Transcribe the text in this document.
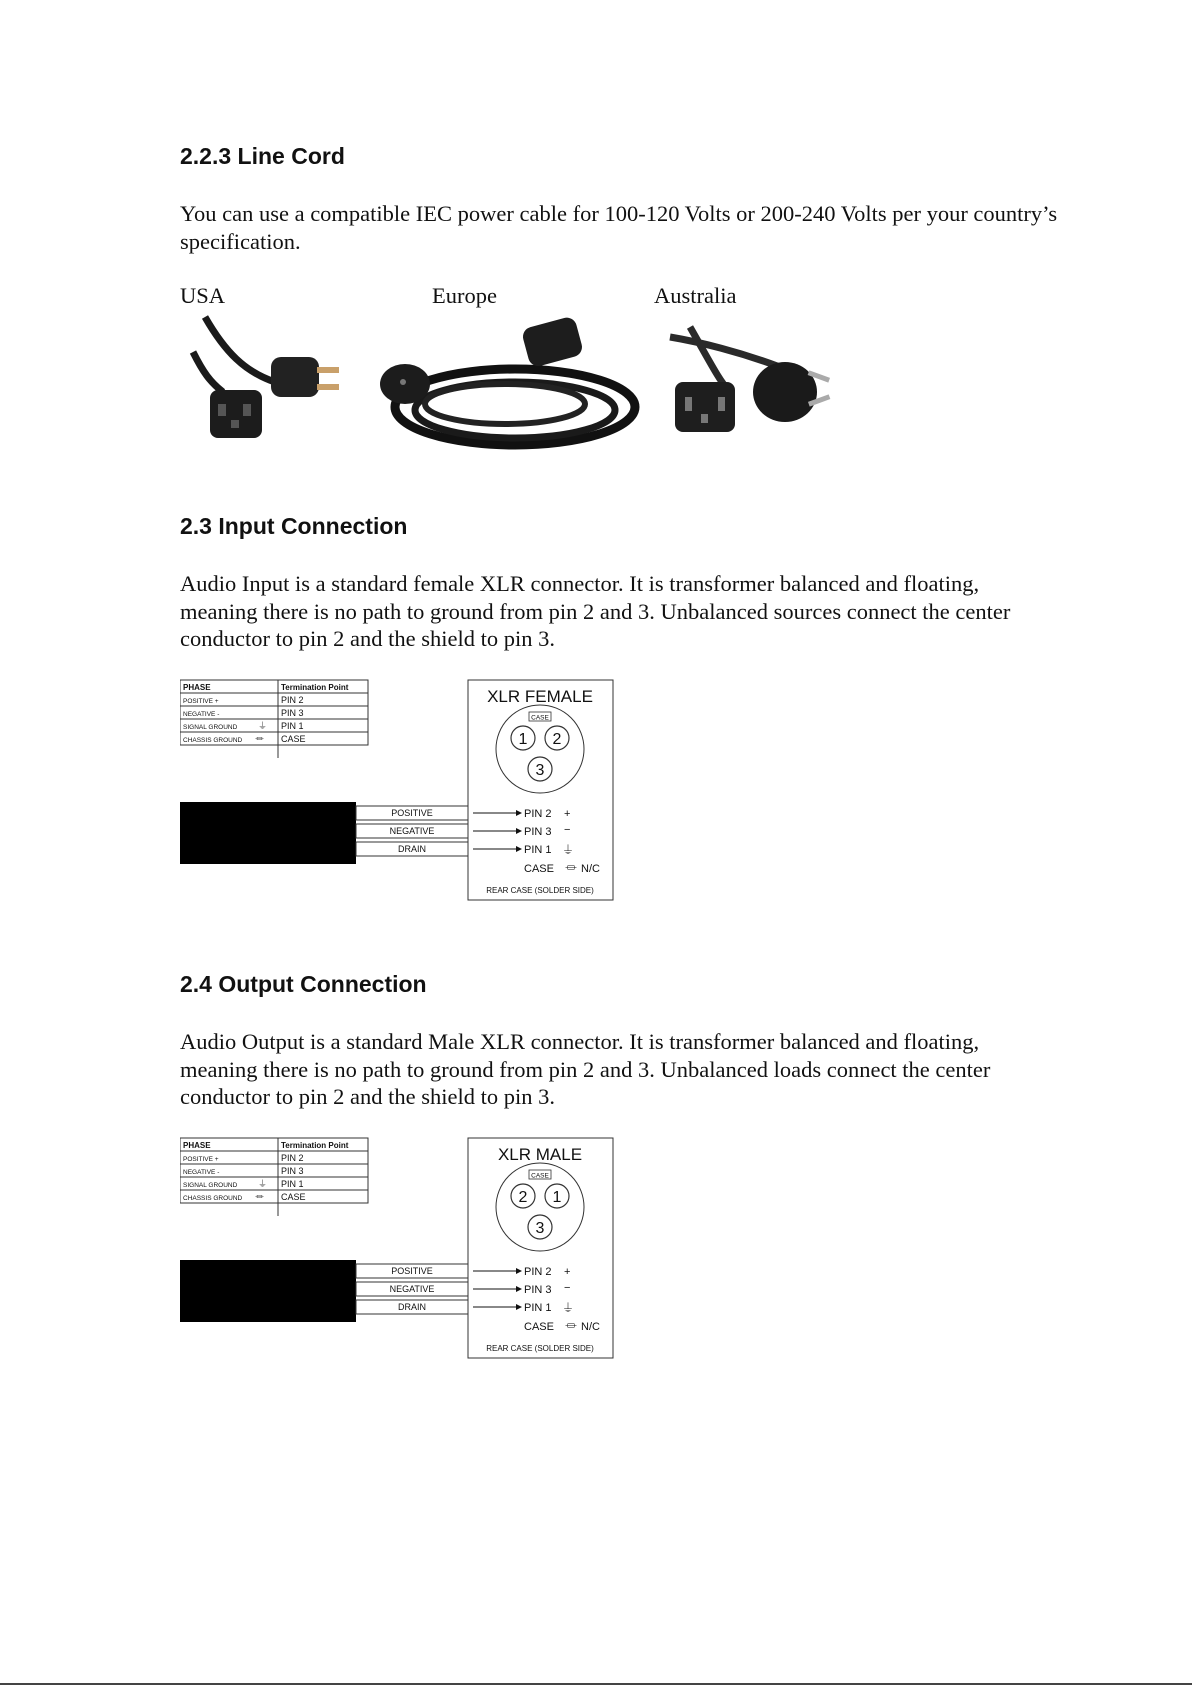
2.2.3 Line Cord

You can use a compatible IEC power cable for 100-120 Volts or 200-240 Volts per your country’s specification.

USA	Europe	Australia
2.3 Input Connection

Audio Input is a standard female XLR connector. It is transformer balanced and floating, meaning there is no path to ground from pin 2 and 3. Unbalanced sources connect the center conductor to pin 2 and the shield to pin 3.

PHASE	Termination Point
POSITIVE +	PIN 2
NEGATIVE -	PIN 3
SIGNAL GROUND ⏚ PIN 1
CHASSIS GROUND ⏛ CASE
POSITIVE
NEGATIVE
DRAIN
XLR FEMALE
CASE
1 2
3
PIN 2 +
PIN 3 −
PIN 1 ⏚
CASE ⏛ N/C
REAR CASE (SOLDER SIDE)
2.4 Output Connection

Audio Output is a standard Male XLR connector. It is transformer balanced and floating, meaning there is no path to ground from pin 2 and 3. Unbalanced loads connect the center conductor to pin 2 and the shield to pin 3.

PHASE	Termination Point
POSITIVE +	PIN 2
NEGATIVE -	PIN 3
SIGNAL GROUND ⏚ PIN 1
CHASSIS GROUND ⏛ CASE
POSITIVE
NEGATIVE
DRAIN
XLR MALE
CASE
2 1
3
PIN 2 +
PIN 3 −
PIN 1 ⏚
CASE ⏛ N/C
REAR CASE (SOLDER SIDE)
